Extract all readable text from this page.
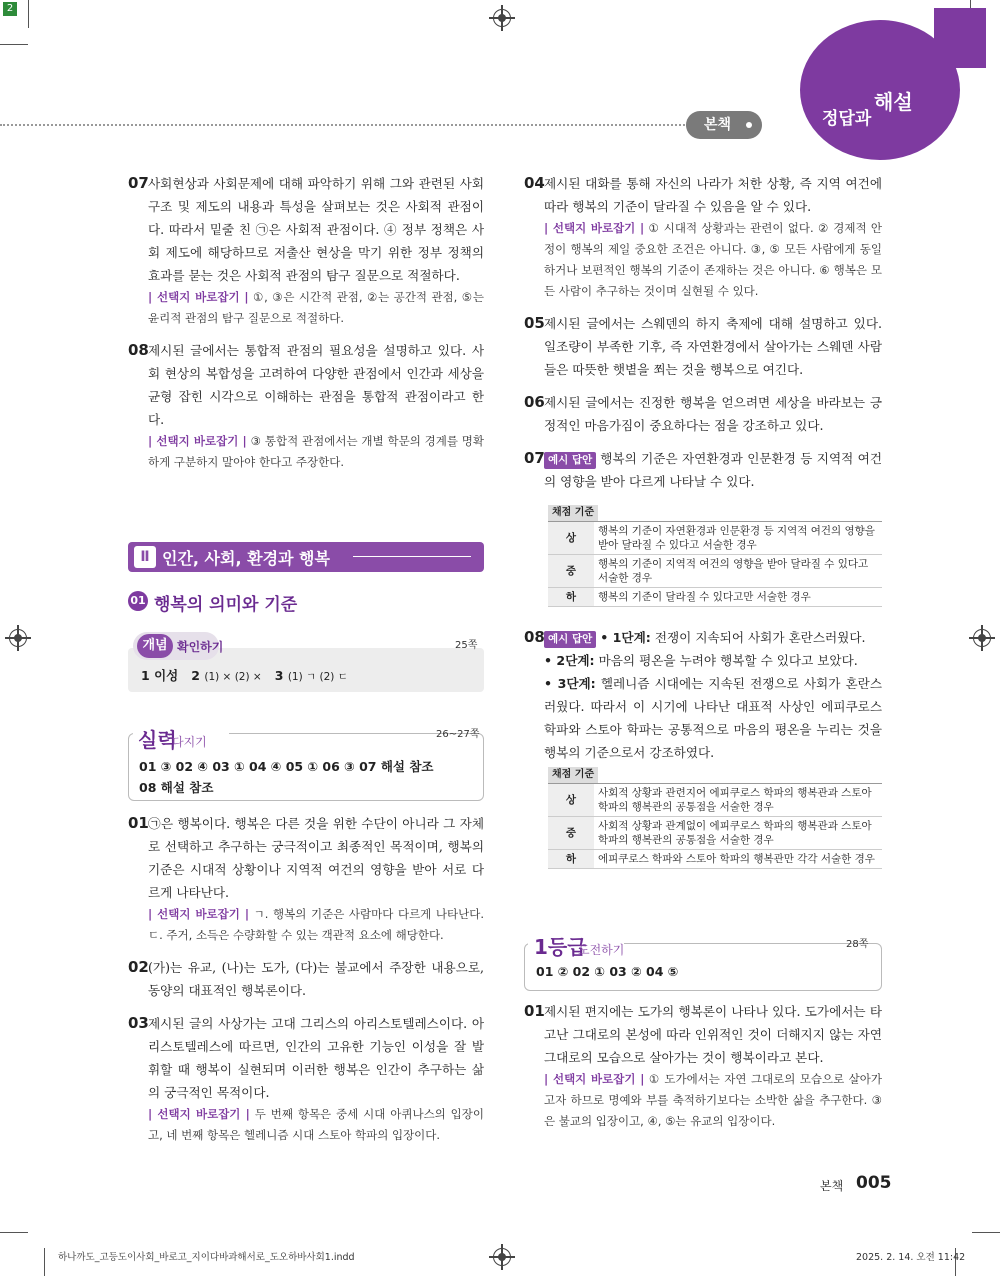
2
정답과
해설
본책
07 사회현상과 사회문제에 대해 파악하기 위해 그와 관련된 사회 구조 및 제도의 내용과 특성을 살펴보는 것은 사회적 관점이다. 따라서 밑줄 친 ㉠은 사회적 관점이다. ④ 정부 정책은 사회 제도에 해당하므로 저출산 현상을 막기 위한 정부 정책의 효과를 묻는 것은 사회적 관점의 탐구 질문으로 적절하다.
| 선택지 바로잡기 | ①, ③은 시간적 관점, ②는 공간적 관점, ⑤는 윤리적 관점의 탐구 질문으로 적절하다.
08 제시된 글에서는 통합적 관점의 필요성을 설명하고 있다. 사회 현상의 복합성을 고려하여 다양한 관점에서 인간과 세상을 균형 잡힌 시각으로 이해하는 관점을 통합적 관점이라고 한다.
| 선택지 바로잡기 | ③ 통합적 관점에서는 개별 학문의 경계를 명확하게 구분하지 말아야 한다고 주장한다.
Ⅱ 인간, 사회, 환경과 행복
01 행복의 의미와 기준
개념 확인하기	25쪽
1 이성 2 (1) × (2) × 3 (1) ㄱ (2) ㄷ
실력
다지기
26~27쪽
01 ③ 02 ④ 03 ① 04 ④ 05 ① 06 ③ 07 해설 참조
08 해설 참조
01 ㉠은 행복이다. 행복은 다른 것을 위한 수단이 아니라 그 자체로 선택하고 추구하는 궁극적이고 최종적인 목적이며, 행복의 기준은 시대적 상황이나 지역적 여건의 영향을 받아 서로 다르게 나타난다.
| 선택지 바로잡기 | ㄱ. 행복의 기준은 사람마다 다르게 나타난다. ㄷ. 주거, 소득은 수량화할 수 있는 객관적 요소에 해당한다.
02 (가)는 유교, (나)는 도가, (다)는 불교에서 주장한 내용으로, 동양의 대표적인 행복론이다.
03 제시된 글의 사상가는 고대 그리스의 아리스토텔레스이다. 아리스토텔레스에 따르면, 인간의 고유한 기능인 이성을 잘 발휘할 때 행복이 실현되며 이러한 행복은 인간이 추구하는 삶의 궁극적인 목적이다.
| 선택지 바로잡기 | 두 번째 항목은 중세 시대 아퀴나스의 입장이고, 네 번째 항목은 헬레니즘 시대 스토아 학파의 입장이다.
04 제시된 대화를 통해 자신의 나라가 처한 상황, 즉 지역 여건에 따라 행복의 기준이 달라질 수 있음을 알 수 있다.
| 선택지 바로잡기 | ① 시대적 상황과는 관련이 없다. ② 경제적 안정이 행복의 제일 중요한 조건은 아니다. ③, ⑤ 모든 사람에게 동일하거나 보편적인 행복의 기준이 존재하는 것은 아니다. ⑥ 행복은 모든 사람이 추구하는 것이며 실현될 수 있다.
05 제시된 글에서는 스웨덴의 하지 축제에 대해 설명하고 있다. 일조량이 부족한 기후, 즉 자연환경에서 살아가는 스웨덴 사람들은 따뜻한 햇볕을 쬐는 것을 행복으로 여긴다.
06 제시된 글에서는 진정한 행복을 얻으려면 세상을 바라보는 긍정적인 마음가짐이 중요하다는 점을 강조하고 있다.
07 예시 답안 행복의 기준은 자연환경과 인문환경 등 지역적 여건의 영향을 받아 다르게 나타날 수 있다.
채점 기준
상	행복의 기준이 자연환경과 인문환경 등 지역적 여건의 영향을 받아 달라질 수 있다고 서술한 경우
중	행복의 기준이 지역적 여건의 영향을 받아 달라질 수 있다고 서술한 경우
하	행복의 기준이 달라질 수 있다고만 서술한 경우
08 예시 답안 • 1단계: 전쟁이 지속되어 사회가 혼란스러웠다.
• 2단계: 마음의 평온을 누려야 행복할 수 있다고 보았다.
• 3단계: 헬레니즘 시대에는 지속된 전쟁으로 사회가 혼란스러웠다. 따라서 이 시기에 나타난 대표적 사상인 에피쿠로스 학파와 스토아 학파는 공통적으로 마음의 평온을 누리는 것을 행복의 기준으로서 강조하였다.
채점 기준
상	사회적 상황과 관련지어 에피쿠로스 학파의 행복관과 스토아 학파의 행복관의 공통점을 서술한 경우
중	사회적 상황과 관계없이 에피쿠로스 학파의 행복관과 스토아 학파의 행복관의 공통점을 서술한 경우
하	에피쿠로스 학파와 스토아 학파의 행복관만 각각 서술한 경우
1등급
도전하기	28쪽
01 ② 02 ① 03 ② 04 ⑤
01 제시된 편지에는 도가의 행복론이 나타나 있다. 도가에서는 타고난 그대로의 본성에 따라 인위적인 것이 더해지지 않는 자연 그대로의 모습으로 살아가는 것이 행복이라고 본다.
| 선택지 바로잡기 | ① 도가에서는 자연 그대로의 모습으로 살아가고자 하므로 명예와 부를 축적하기보다는 소박한 삶을 추구한다. ③은 불교의 입장이고, ④, ⑤는 유교의 입장이다.
본책 005
하나까도_고등도이사회_바로고_지이다바과해서로_도오하바사회1.indd	2025. 2. 14. 오전 11:42
